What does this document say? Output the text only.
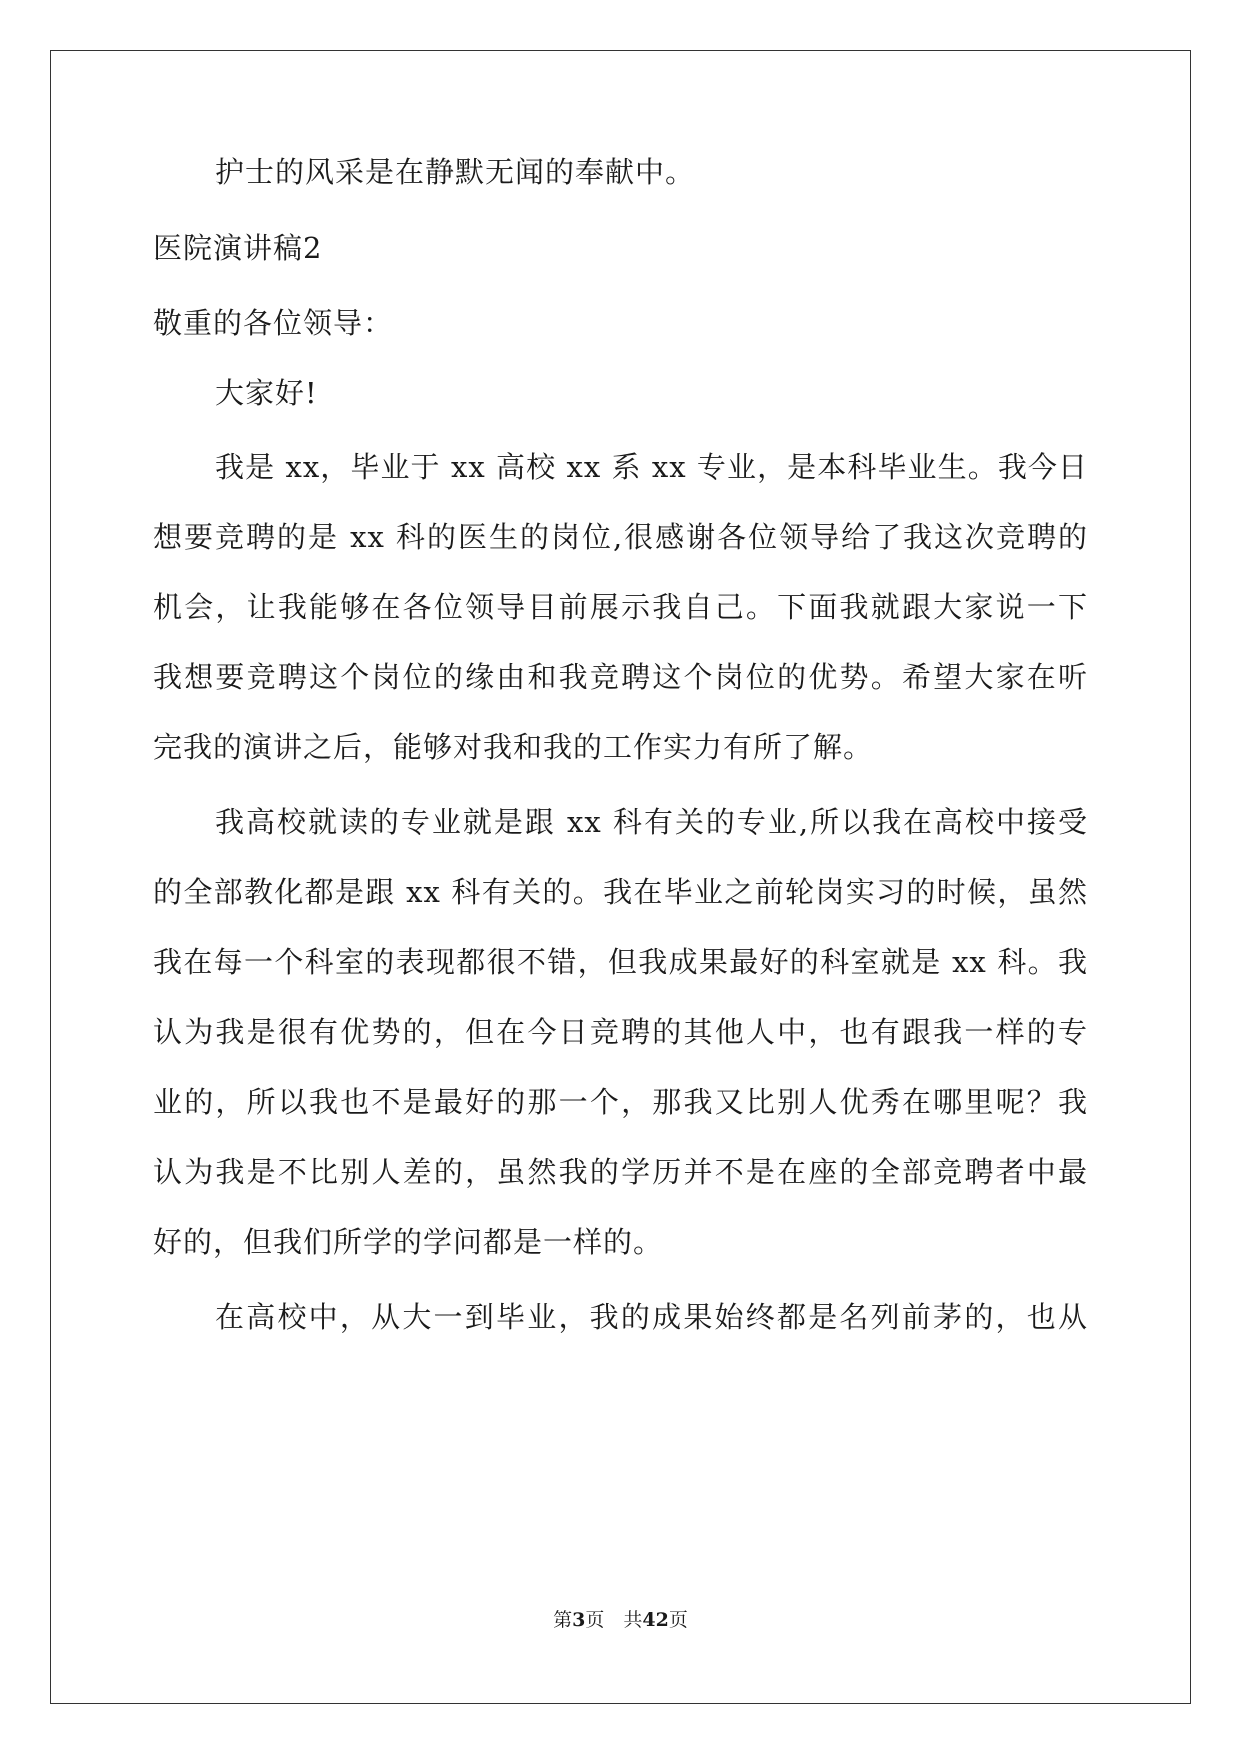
护士的风采是在静默无闻的奉献中。
医院演讲稿2
敬重的各位领导：
大家好!
我是 xx，毕业于 xx 高校 xx 系 xx 专业，是本科毕业生。我今日
想要竞聘的是 xx 科的医生的岗位,很感谢各位领导给了我这次竞聘的
机会，让我能够在各位领导目前展示我自己。下面我就跟大家说一下
我想要竞聘这个岗位的缘由和我竞聘这个岗位的优势。希望大家在听
完我的演讲之后，能够对我和我的工作实力有所了解。
我高校就读的专业就是跟 xx 科有关的专业,所以我在高校中接受
的全部教化都是跟 xx 科有关的。我在毕业之前轮岗实习的时候，虽然
我在每一个科室的表现都很不错，但我成果最好的科室就是 xx 科。我
认为我是很有优势的，但在今日竞聘的其他人中，也有跟我一样的专
业的，所以我也不是最好的那一个，那我又比别人优秀在哪里呢？我
认为我是不比别人差的，虽然我的学历并不是在座的全部竞聘者中最
好的，但我们所学的学问都是一样的。
在高校中，从大一到毕业，我的成果始终都是名列前茅的，也从
第3页　共42页
